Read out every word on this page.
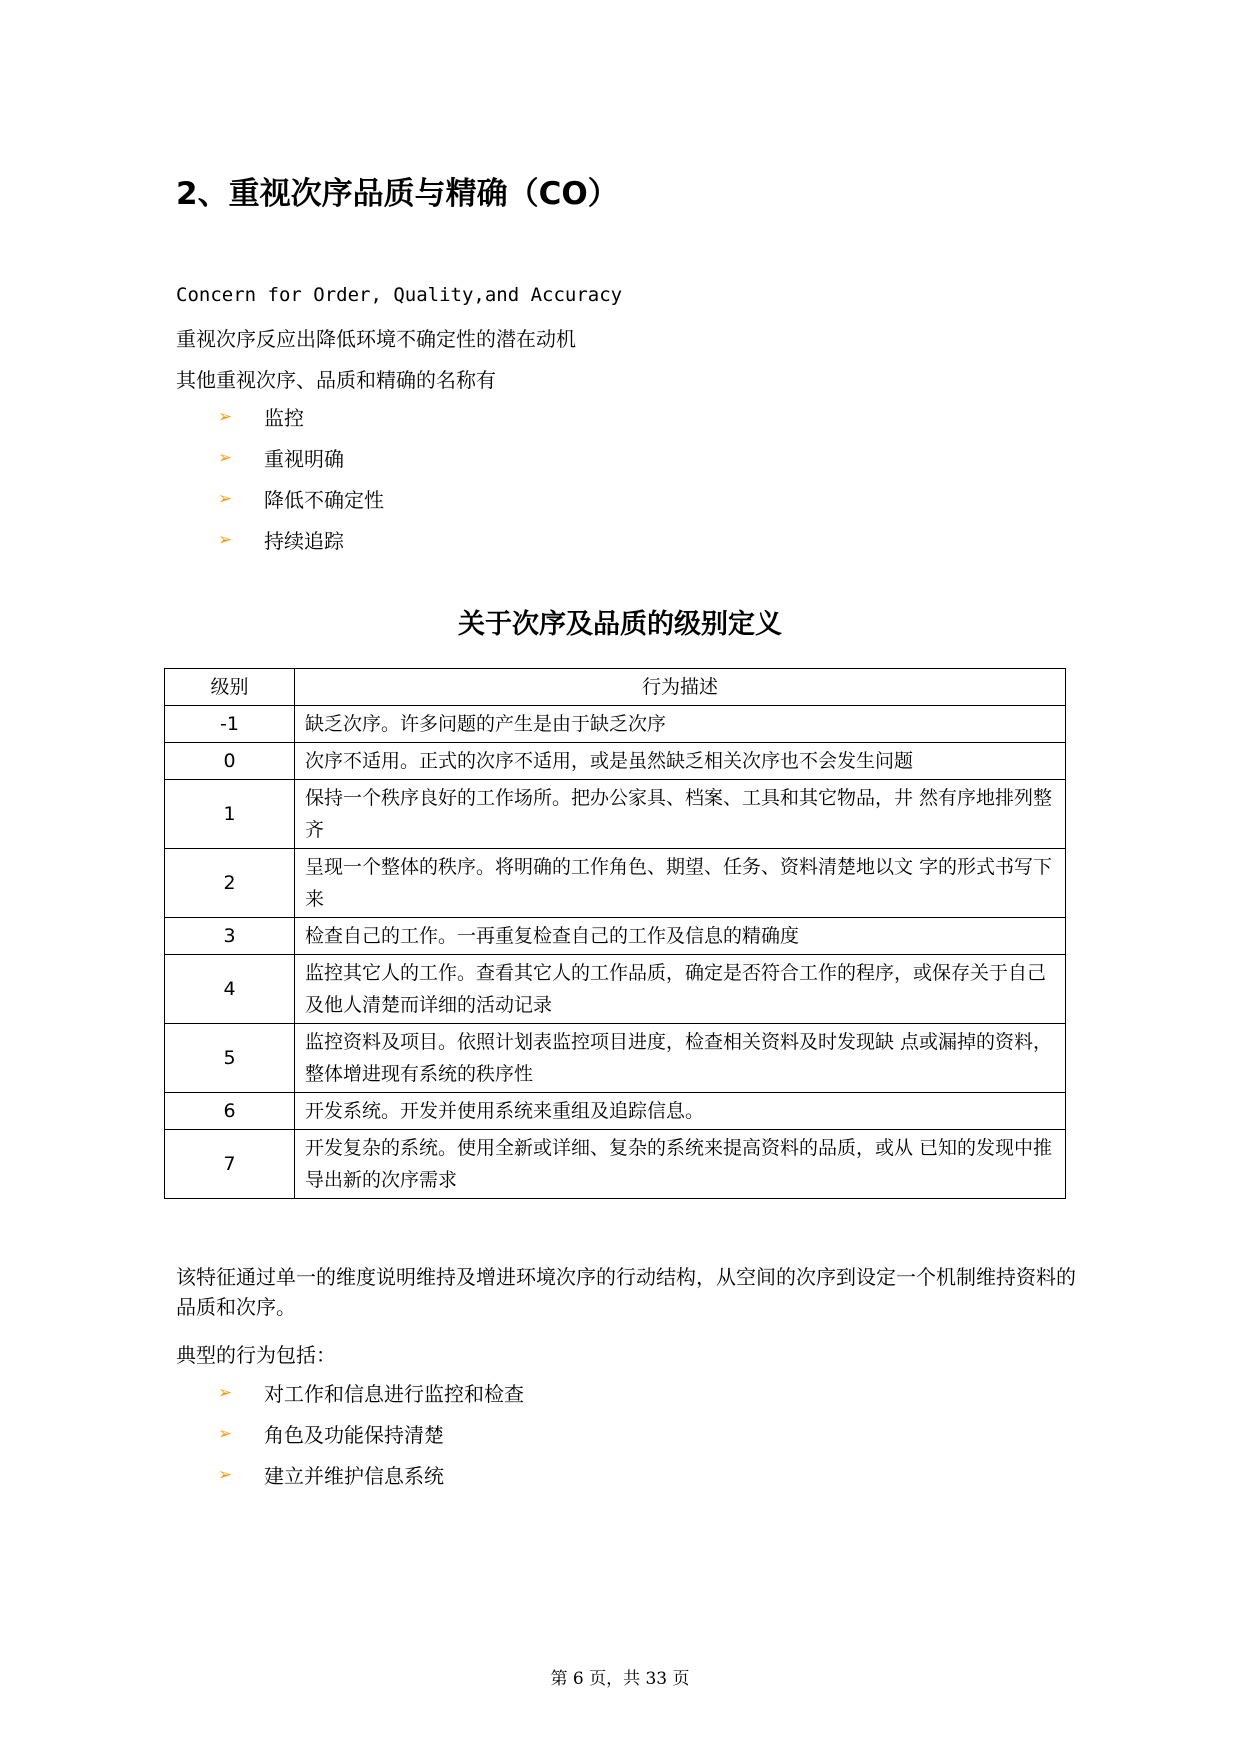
2、重视次序品质与精确（CO）
Concern for Order, Quality,and Accuracy
重视次序反应出降低环境不确定性的潜在动机
其他重视次序、品质和精确的名称有
➢	监控
➢	重视明确
➢	降低不确定性
➢	持续追踪
关于次序及品质的级别定义
级别	行为描述
-1	缺乏次序。许多问题的产生是由于缺乏次序
0	次序不适用。正式的次序不适用，或是虽然缺乏相关次序也不会发生问题
1	保持一个秩序良好的工作场所。把办公家具、档案、工具和其它物品，井 然有序地排列整齐
2	呈现一个整体的秩序。将明确的工作角色、期望、任务、资料清楚地以文 字的形式书写下来
3	检查自己的工作。一再重复检查自己的工作及信息的精确度
4	监控其它人的工作。查看其它人的工作品质，确定是否符合工作的程序，或保存关于自己及他人清楚而详细的活动记录
5	监控资料及项目。依照计划表监控项目进度，检查相关资料及时发现缺 点或漏掉的资料， 整体增进现有系统的秩序性
6	开发系统。开发并使用系统来重组及追踪信息。
7	开发复杂的系统。使用全新或详细、复杂的系统来提高资料的品质，或从 已知的发现中推导出新的次序需求

该特征通过单一的维度说明维持及增进环境次序的行动结构，从空间的次序到设定一个机制维持资料的品质和次序。

典型的行为包括：
➢	对工作和信息进行监控和检查
➢	角色及功能保持清楚
➢	建立并维护信息系统
第 6 页，共 33 页
